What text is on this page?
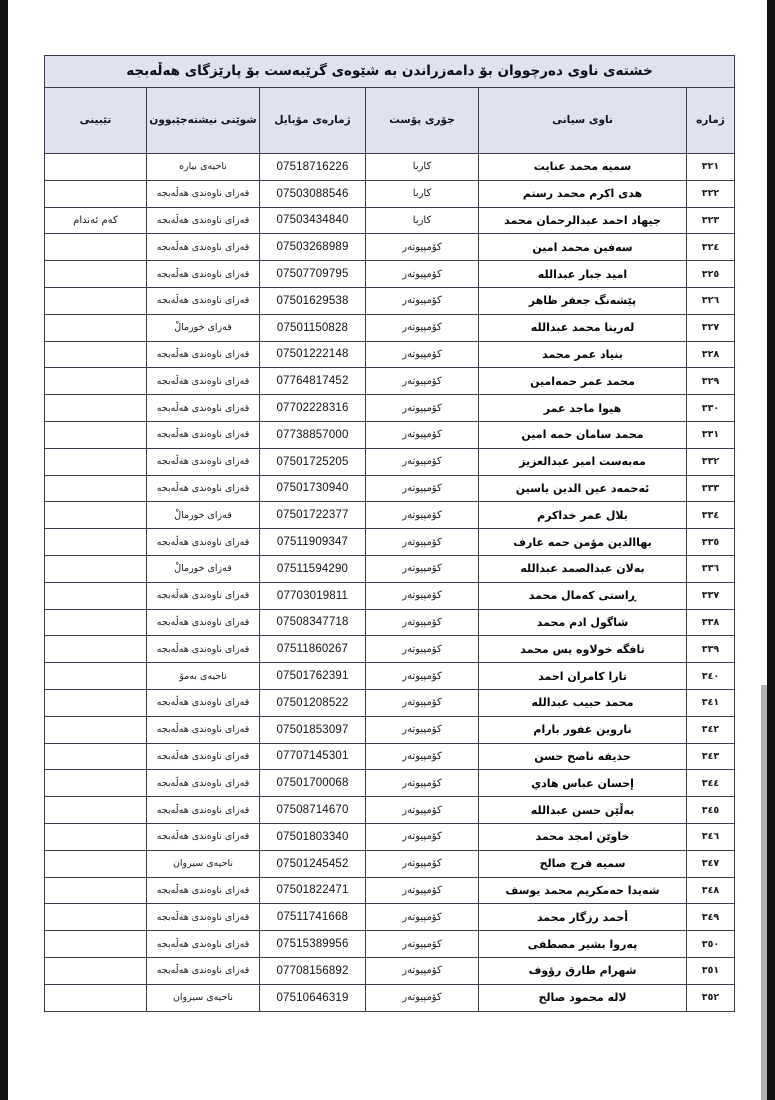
خشتەی ناوی دەرچووان بۆ دامەزراندن بە شێوەی گرێبەست بۆ پارێزگای هەڵەبجە					
ژمارە	ناوی سیانی	جۆری پۆست	ژمارەی مۆبایل	شوێنی نیشتەجێبوون	تێبینی
٣٢١	سمیە محمد عنایت	کاربا	07518716226	ناحیەی بیارە	
٣٢٢	هدی اکرم محمد رستم	کاربا	07503088546	قەزای ناوەندی هەڵەبجە	
٣٢٣	جیهاد احمد عبدالرحمان محمد	کاربا	07503434840	قەزای ناوەندی هەڵەبجە	کەم ئەندام
٣٢٤	سەفین محمد امین	کۆمپیوتەر	07503268989	قەزای ناوەندی هەڵەبجە	
٣٢٥	امید جبار عبدالله	کۆمپیوتەر	07507709795	قەزای ناوەندی هەڵەبجە	
٣٢٦	پێشەنگ جعفر ظاهر	کۆمپیوتەر	07501629538	قەزای ناوەندی هەڵەبجە	
٣٢٧	لەرینا محمد عبدالله	کۆمپیوتەر	07501150828	قەزای خورمالْ	
٣٢٨	بنیاد عمر محمد	کۆمپیوتەر	07501222148	قەزای ناوەندی هەڵەبجە	
٣٢٩	محمد عمر حمەامین	کۆمپیوتەر	07764817452	قەزای ناوەندی هەڵەبجە	
٣٣٠	هیوا ماجد عمر	کۆمپیوتەر	07702228316	قەزای ناوەندی هەڵەبجە	
٣٣١	محمد سامان حمە امین	کۆمپیوتەر	07738857000	قەزای ناوەندی هەڵەبجە	
٣٣٢	مەبەست امیر عبدالعزیز	کۆمپیوتەر	07501725205	قەزای ناوەندی هەڵەبجە	
٣٣٣	ئەحمەد عین الدین یاسین	کۆمپیوتەر	07501730940	قەزای ناوەندی هەڵەبجە	
٣٣٤	بلال عمر خداکرم	کۆمپیوتەر	07501722377	قەزای خورمالْ	
٣٣٥	بهاالدین مؤمن حمە عارف	کۆمپیوتەر	07511909347	قەزای ناوەندی هەڵەبجە	
٣٣٦	بەلان عبدالصمد عبدالله	کۆمپیوتەر	07511594290	قەزای خورمالْ	
٣٣٧	ڕاستی کەمال محمد	کۆمپیوتەر	07703019811	قەزای ناوەندی هەڵەبجە	
٣٣٨	شاگول ادم محمد	کۆمپیوتەر	07508347718	قەزای ناوەندی هەڵەبجە	
٣٣٩	تافگە خولاوە یس محمد	کۆمپیوتەر	07511860267	قەزای ناوەندی هەڵەبجە	
٣٤٠	تارا کامران احمد	کۆمپیوتەر	07501762391	ناحیەی بەمۆ	
٣٤١	محمد حبیب عبدالله	کۆمپیوتەر	07501208522	قەزای ناوەندی هەڵەبجە	
٣٤٢	ناروین غفور بارام	کۆمپیوتەر	07501853097	قەزای ناوەندی هەڵەبجە	
٣٤٣	حذیفە ناصح حسن	کۆمپیوتەر	07707145301	قەزای ناوەندی هەڵەبجە	
٣٤٤	إحسان عباس هادي	کۆمپیوتەر	07501700068	قەزای ناوەندی هەڵەبجە	
٣٤٥	بەڵێن حسن عبدالله	کۆمپیوتەر	07508714670	قەزای ناوەندی هەڵەبجە	
٣٤٦	خاوێن امجد محمد	کۆمپیوتەر	07501803340	قەزای ناوەندی هەڵەبجە	
٣٤٧	سمیە فرج صالح	کۆمپیوتەر	07501245452	ناحیەی سیروان	
٣٤٨	شەیدا حەمکریم محمد یوسف	کۆمپیوتەر	07501822471	قەزای ناوەندی هەڵەبجە	
٣٤٩	أحمد رزگار محمد	کۆمپیوتەر	07511741668	قەزای ناوەندی هەڵەبجە	
٣٥٠	پەروا بشیر مصطفی	کۆمپیوتەر	07515389956	قەزای ناوەندی هەڵەبجە	
٣٥١	شهرام طارق رؤوف	کۆمپیوتەر	07708156892	قەزای ناوەندی هەڵەبجە	
٣٥٢	لاله محمود صالح	کۆمپیوتەر	07510646319	ناحیەی سیروان	
